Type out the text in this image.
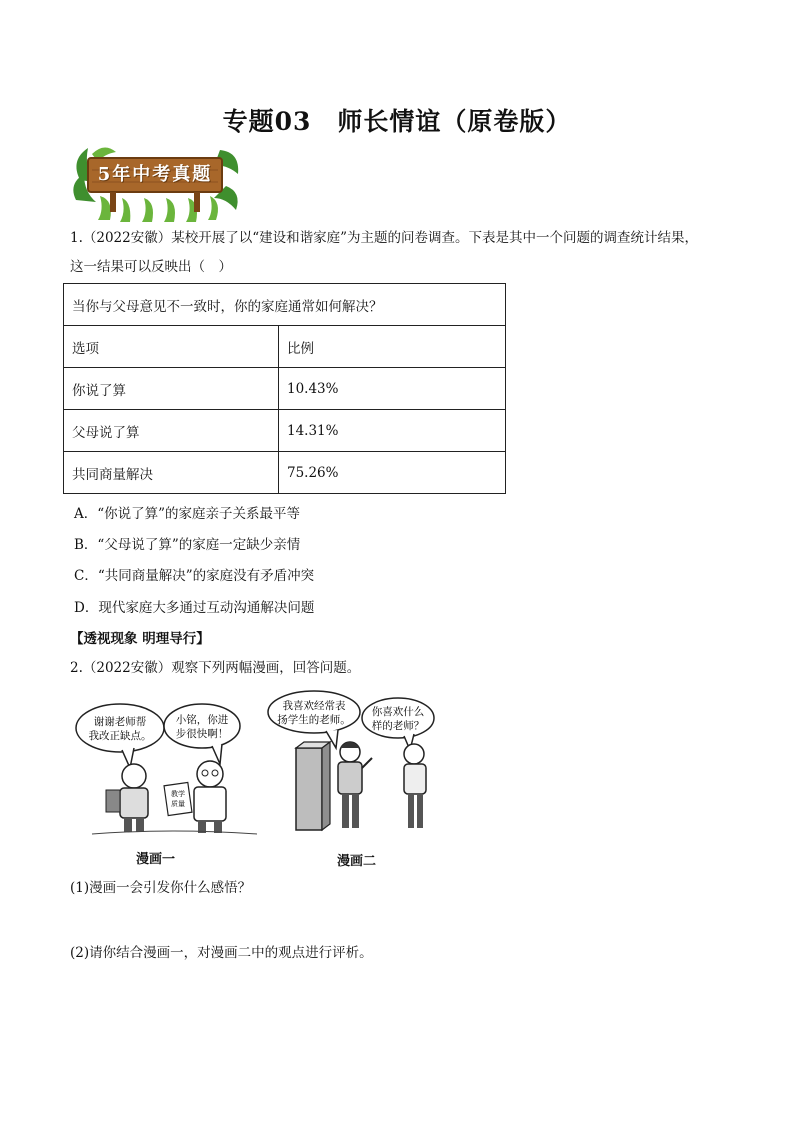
专题03　师长情谊（原卷版）
5年中考真题
1.（2022安徽）某校开展了以“建设和谐家庭”为主题的问卷调查。下表是其中一个问题的调查统计结果，
这一结果可以反映出（　）
当你与父母意见不一致时，你的家庭通常如何解决？	
选项	比例
你说了算	10.43%
父母说了算	14.31%
共同商量解决	75.26%
A．“你说了算”的家庭亲子关系最平等
B．“父母说了算”的家庭一定缺少亲情
C．“共同商量解决”的家庭没有矛盾冲突
D．现代家庭大多通过互动沟通解决问题
【透视现象 明理导行】
2.（2022安徽）观察下列两幅漫画，回答问题。
谢谢老师帮
我改正缺点。
小铭，你进
步很快啊！
教学
质量
漫画一
我喜欢经常表
扬学生的老师。
你喜欢什么
样的老师？
漫画二
(1)漫画一会引发你什么感悟？
(2)请你结合漫画一，对漫画二中的观点进行评析。
